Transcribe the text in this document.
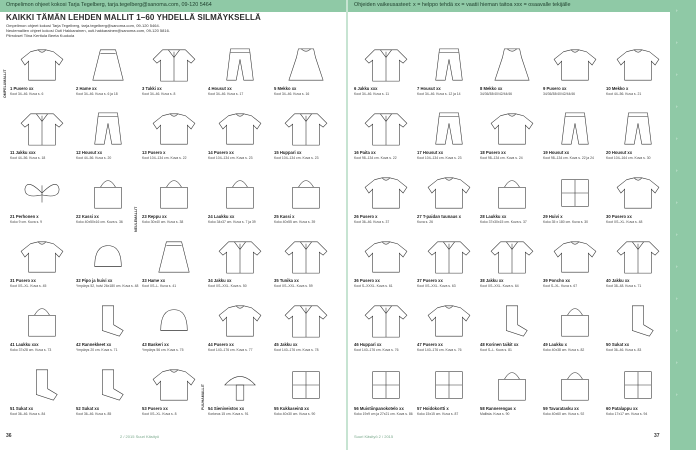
Ompelimon ohjeet kokosi Tarja Tegelberg, tarja.tegelberg@sanoma.com, 09-120 5464
KAIKKI TÄMÄN LEHDEN MALLIT 1–60 YHDELLÄ SILMÄYKSELLÄ
Ompelimon ohjeet kokosi Tarja Tegelberg, tarja.tegelberg@sanoma.com, 09-120 5464.
Neulemallien ohjeet kokosi Outi Hakkarainen, outi.hakkarainen@sanoma.com, 09-120 5816.
Piirrokset Tiina Kerttula Beeta Kuokola
OMPELUMALLIT
NEULEMALLIT
PUUHAMALLIT
1 Pusero xx
Koot 34–46. Kuva s. 6
2 Hame xx
Koot 34–46. Kuva s. 6 ja 18
3 Takki xx
Koot 34–46. Kuva s. 8
4 Housut xx
Koot 34–46. Kuva s. 17
5 Mekko xx
Koot 34–46. Kuva s. 16
11 Jakku xxx
Koot 44–56. Kuva s. 18
12 Housut xx
Koot 44–56. Kuva s. 20
13 Pusero x
Koot 104–134 cm. Kuva s. 22
14 Pusero xx
Koot 104–134 cm. Kuva s. 23
15 Huppari xx
Koot 104–134 cm. Kuva s. 23
21 Perhonen x
Koko 9 cm. Kuva s. 9
22 Kassi xx
Koko 40x50x16 cm. Kuva s. 36
23 Reppu xx
Koko 30x40 cm. Kuva s. 38
24 Laukku xx
Koko 34x37 cm. Kuva s. 7 ja 39
25 Kassi x
Koko 40x55 cm. Kuva s. 39
31 Pusero xx
Koot XS–XL. Kuva s. 45
32 Pipo ja huivi xx
Ympärys 52, huivi 26x180 cm. Kuva s. 48
33 Hame xx
Koot XS–L. Kuva s. 41
34 Jakku xx
Koot XS–XXL. Kuva s. 50
35 Tunika xx
Koot XS–XXL. Kuva s. 59
41 Laukku xxx
Koko 37x28 cm. Kuva s. 73
42 Rannekkeet xx
Ympärys 20 cm. Kuva s. 71
43 Baskeri xx
Ympärys 56 cm. Kuva s. 75
44 Pusero xx
Koot 140–176 cm. Kuva s. 77
45 Jakku xx
Koot 140–176 cm. Kuva s. 78
51 Sukat xx
Koot 36–46. Kuva s. 84
52 Sukat xx
Koot 36–46. Kuva s. 85
53 Pusero xx
Koot XS–XL. Kuva s. 8
54 Sieniveistos xx
Korkeus 15 cm. Kuva s. 91
55 Kukkaseinä xx
Koko 40x30 cm. Kuva s. 90
36	2 / 2015 Suuri Käsityö
Ohjeiden vaikeusasteet: x = helppo tehdä xx = vaatii hieman taitoa xxx = osaavalle tekijälle
6 Jakku xxx
Koot 34–46. Kuva s. 11
7 Housut xx
Koot 34–46. Kuva s. 12 ja 14
8 Mekko xx
34/36/38/40/42/44/46
9 Pusero xx
34/36/38/40/42/44/46
10 Mekko x
Koot 44–56. Kuva s. 21
16 Paita xx
Koot 98–134 cm. Kuva s. 22
17 Housut xx
Koot 104–134 cm. Kuva s. 23
18 Pusero xx
Koot 98–134 cm. Kuva s. 24
19 Housut xx
Koot 98–134 cm. Kuva s. 22 ja 24
20 Housut xx
Koot 104–164 cm. Kuva s. 30
26 Pusero x
Koot 36–46. Kuva s. 37
27 T-paidan tuunaus x
Kuva s. 26
28 Laukku xx
Koko 37x30x15 cm. Kuva s. 37
29 Huivi x
Koko 35 x 180 cm. Kuva s. 30
30 Pusero xx
Koot XS–XL. Kuva s. 48
36 Pusero xx
Koot S–XXXL. Kuva s. 61
37 Pusero xx
Koot XS–XXL. Kuva s. 63
38 Jakku xx
Koot XS–XXL. Kuva s. 64
39 Poncho xx
Koot S–XL. Kuva s. 67
40 Jakku xx
Koot 38–48. Kuva s. 71
46 Huppari xx
Koot 140–176 cm. Kuva s. 76
47 Pusero xx
Koot 140–176 cm. Kuva s. 76
48 Korinen taikit xx
Koot S–L. Kuva s. 81
49 Laukku x
Koko 40x38 cm. Kuva s. 82
50 Sukat xx
Koot 36–46. Kuva s. 83
56 Muistiinpanokotelo xx
Koko 19x9 cm ja 27x21 cm. Kuva s. 86
57 Hoidokortti x
Koko 15x15 cm. Kuva s. 87
58 Rannerengas x
Mallista. Kuva s. 90
59 Tavaratasku xx
Koko 40x60 cm. Kuva s. 92
60 Patalappu xx
Koko 17x17 cm. Kuva s. 94
37
Suuri Käsityö 2 / 2015
›
›
›
›
›
›
›
›
›
›
›
›
›
